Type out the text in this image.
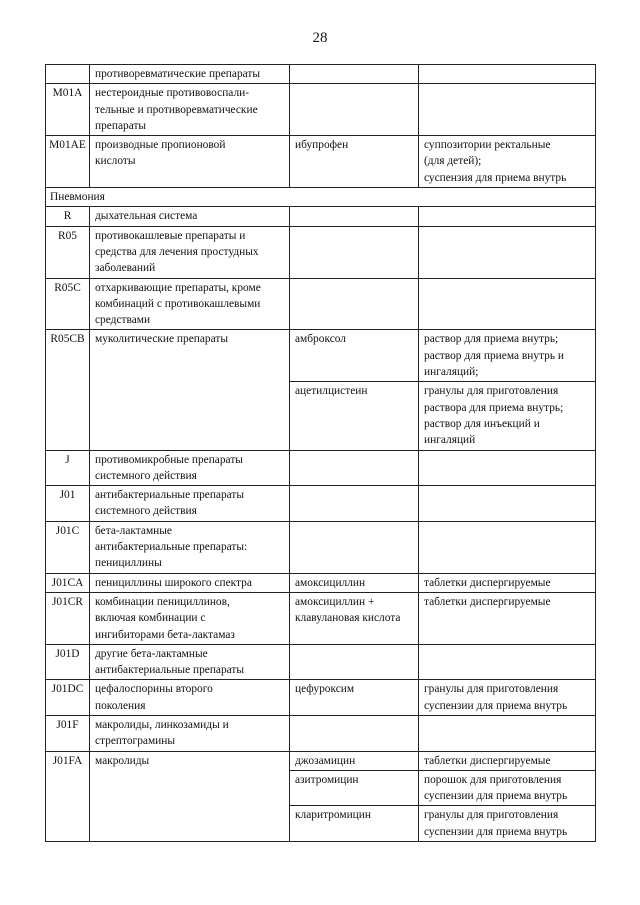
28

	противоревматические препараты		

M01A	нестероидные противовоспали-
тельные и противоревматические
препараты		

M01AE	производные пропионовой
кислоты	ибупрофен	суппозитории ректальные
(для детей);
суспензия для приема внутрь

Пневмония			
R	дыхательная система		

R05	противокашлевые препараты и
средства для лечения простудных
заболеваний		

R05C	отхаркивающие препараты, кроме
комбинаций с противокашлевыми
средствами		

R05CB	муколитические препараты	амброксол	раствор для приема внутрь;
раствор для приема внутрь и
ингаляций;

		ацетилцистеин	гранулы для приготовления
раствора для приема внутрь;
раствор для инъекций и
ингаляций

J	противомикробные препараты
системного действия		

J01	антибактериальные препараты
системного действия		

J01C	бета-лактамные
антибактериальные препараты:
пенициллины		

J01CA	пенициллины широкого спектра	амоксициллин	таблетки диспергируемые
J01CR	комбинации пенициллинов,
включая комбинации с
ингибиторами бета-лактамаз	амоксициллин +
клавулановая кислота	таблетки диспергируемые
J01D	другие бета-лактамные
антибактериальные препараты		

J01DC	цефалоспорины второго
поколения	цефуроксим	гранулы для приготовления
суспензии для приема внутрь

J01F	макролиды, линкозамиды и
стрептограмины		

J01FA	макролиды	джозамицин	таблетки диспергируемые
		азитромицин	порошок для приготовления
суспензии для приема внутрь

		кларитромицин	гранулы для приготовления
суспензии для приема внутрь
